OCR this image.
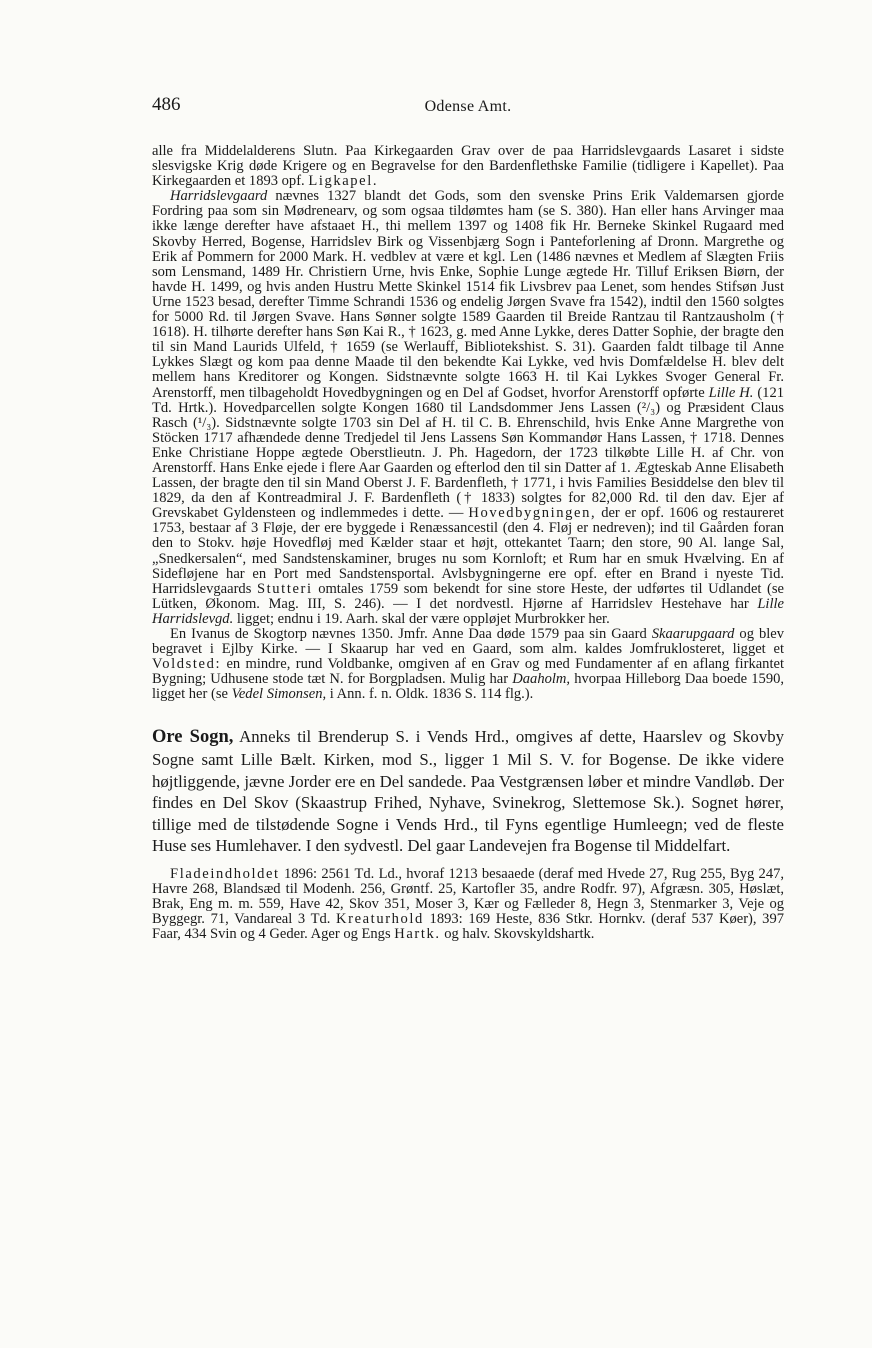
486	Odense Amt.

alle fra Middelalderens Slutn. Paa Kirkegaarden Grav over de paa Harridslevgaards Lasaret i sidste slesvigske Krig døde Krigere og en Begravelse for den Bardenflethske Familie (tidligere i Kapellet). Paa Kirkegaarden et 1893 opf. Ligkapel.

Harridslevgaard nævnes 1327 blandt det Gods, som den svenske Prins Erik Valdemarsen gjorde Fordring paa som sin Mødrenearv, og som ogsaa tildømtes ham (se S. 380). Han eller hans Arvinger maa ikke længe derefter have afstaaet H., thi mellem 1397 og 1408 fik Hr. Berneke Skinkel Rugaard med Skovby Herred, Bogense, Harridslev Birk og Vissenbjærg Sogn i Panteforlening af Dronn. Margrethe og Erik af Pommern for 2000 Mark. H. vedblev at være et kgl. Len (1486 nævnes et Medlem af Slægten Friis som Lensmand, 1489 Hr. Christiern Urne, hvis Enke, Sophie Lunge ægtede Hr. Tilluf Eriksen Biørn, der havde H. 1499, og hvis anden Hustru Mette Skinkel 1514 fik Livsbrev paa Lenet, som hendes Stifsøn Just Urne 1523 besad, derefter Timme Schrandi 1536 og endelig Jørgen Svave fra 1542), indtil den 1560 solgtes for 5000 Rd. til Jørgen Svave. Hans Sønner solgte 1589 Gaarden til Breide Rantzau til Rantzausholm († 1618). H. tilhørte derefter hans Søn Kai R., † 1623, g. med Anne Lykke, deres Datter Sophie, der bragte den til sin Mand Laurids Ulfeld, † 1659 (se Werlauff, Bibliotekshist. S. 31). Gaarden faldt tilbage til Anne Lykkes Slægt og kom paa denne Maade til den bekendte Kai Lykke, ved hvis Domfældelse H. blev delt mellem hans Kreditorer og Kongen. Sidstnævnte solgte 1663 H. til Kai Lykkes Svoger General Fr. Arenstorff, men tilbageholdt Hovedbygningen og en Del af Godset, hvorfor Arenstorff opførte Lille H. (121 Td. Hrtk.). Hovedparcellen solgte Kongen 1680 til Landsdommer Jens Lassen (²/₃) og Præsident Claus Rasch (¹/₃). Sidstnævnte solgte 1703 sin Del af H. til C. B. Ehrenschild, hvis Enke Anne Margrethe von Stöcken 1717 afhændede denne Tredjedel til Jens Lassens Søn Kommandør Hans Lassen, † 1718. Dennes Enke Christiane Hoppe ægtede Oberstlieutn. J. Ph. Hagedorn, der 1723 tilkøbte Lille H. af Chr. von Arenstorff. Hans Enke ejede i flere Aar Gaarden og efterlod den til sin Datter af 1. Ægteskab Anne Elisabeth Lassen, der bragte den til sin Mand Oberst J. F. Bardenfleth, † 1771, i hvis Families Besiddelse den blev til 1829, da den af Kontreadmiral J. F. Bardenfleth († 1833) solgtes for 82,000 Rd. til den dav. Ejer af Grevskabet Gyldensteen og indlemmedes i dette. — Hovedbygningen, der er opf. 1606 og restaureret 1753, bestaar af 3 Fløje, der ere byggede i Renæssancestil (den 4. Fløj er nedreven); ind til Gaården foran den to Stokv. høje Hovedfløj med Kælder staar et højt, ottekantet Taarn; den store, 90 Al. lange Sal, „Snedkersalen“, med Sandstenskaminer, bruges nu som Kornloft; et Rum har en smuk Hvælving. En af Sidefløjene har en Port med Sandstensportal. Avlsbygningerne ere opf. efter en Brand i nyeste Tid. Harridslevgaards Stutteri omtales 1759 som bekendt for sine store Heste, der udførtes til Udlandet (se Lütken, Økonom. Mag. III, S. 246). — I det nordvestl. Hjørne af Harridslev Hestehave har Lille Harridslevgd. ligget; endnu i 19. Aarh. skal der være oppløjet Murbrokker her.

En Ivanus de Skogtorp nævnes 1350. Jmfr. Anne Daa døde 1579 paa sin Gaard Skaarupgaard og blev begravet i Ejlby Kirke. — I Skaarup har ved en Gaard, som alm. kaldes Jomfruklosteret, ligget et Voldsted: en mindre, rund Voldbanke, omgiven af en Grav og med Fundamenter af en aflang firkantet Bygning; Udhusene stode tæt N. for Borgpladsen. Mulig har Daaholm, hvorpaa Hilleborg Daa boede 1590, ligget her (se Vedel Simonsen, i Ann. f. n. Oldk. 1836 S. 114 flg.).

Ore Sogn, Anneks til Brenderup S. i Vends Hrd., omgives af dette, Haarslev og Skovby Sogne samt Lille Bælt. Kirken, mod S., ligger 1 Mil S. V. for Bogense. De ikke videre højtliggende, jævne Jorder ere en Del sandede. Paa Vestgrænsen løber et mindre Vandløb. Der findes en Del Skov (Skaastrup Frihed, Nyhave, Svinekrog, Slettemose Sk.). Sognet hører, tillige med de tilstødende Sogne i Vends Hrd., til Fyns egentlige Humleegn; ved de fleste Huse ses Humlehaver. I den sydvestl. Del gaar Landevejen fra Bogense til Middelfart.

Fladeindholdet 1896: 2561 Td. Ld., hvoraf 1213 besaaede (deraf med Hvede 27, Rug 255, Byg 247, Havre 268, Blandsæd til Modenh. 256, Grøntf. 25, Kartofler 35, andre Rodfr. 97), Afgræsn. 305, Høslæt, Brak, Eng m. m. 559, Have 42, Skov 351, Moser 3, Kær og Fælleder 8, Hegn 3, Stenmarker 3, Veje og Byggegr. 71, Vandareal 3 Td. Kreaturhold 1893: 169 Heste, 836 Stkr. Hornkv. (deraf 537 Køer), 397 Faar, 434 Svin og 4 Geder. Ager og Engs Hartk. og halv. Skovskyldshartk.
